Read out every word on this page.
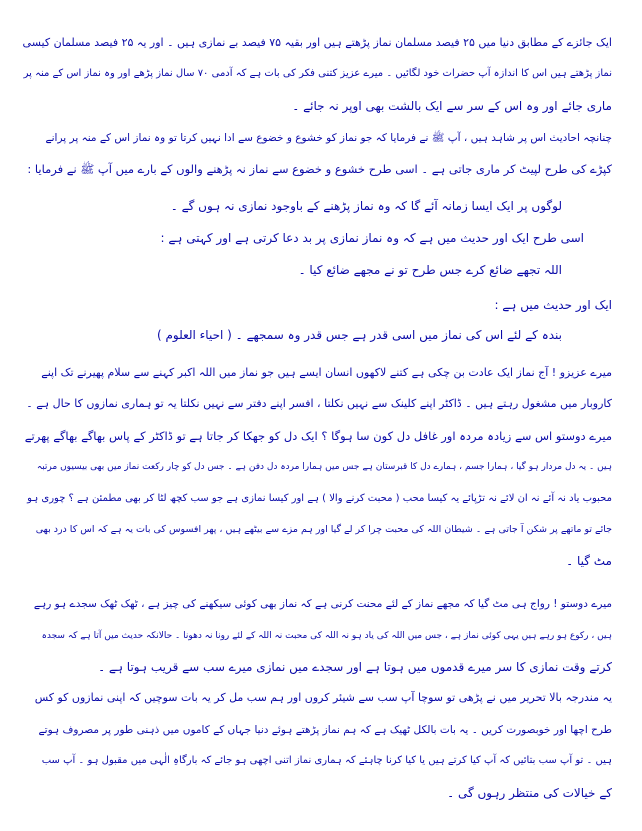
ایک جائزے کے مطابق دنیا میں ۲۵ فیصد مسلمان نماز پڑھتے ہیں اور بقیہ ۷۵ فیصد بے نمازی ہیں ۔ اور یہ ۲۵ فیصد مسلمان کیسی
نماز پڑھتے ہیں اس کا اندازہ آپ حضرات خود لگائیں ۔ میرے عزیز کتنی فکر کی بات ہے کہ آدمی ۷۰ سال نماز پڑھے اور وہ نماز اس کے منہ پر
ماری جائے اور وہ اس کے سر سے ایک بالشت بھی اوپر نہ جائے ۔
چنانچہ احادیث اس پر شاہد ہیں ، آپ ﷺ نے فرمایا کہ جو نماز کو خشوع و خضوع سے ادا نہیں کرتا تو وہ نماز اس کے منہ پر پرانے
کپڑے کی طرح لپیٹ کر ماری جاتی ہے ۔ اسی طرح خشوع و خضوع سے نماز نہ پڑھنے والوں کے بارے میں آپ ﷺ نے فرمایا :
لوگوں پر ایک ایسا زمانہ آئے گا کہ وہ نماز پڑھنے کے باوجود نمازی نہ ہوں گے ۔
اسی طرح ایک اور حدیث میں ہے کہ وہ نماز نمازی پر بد دعا کرتی ہے اور کہتی ہے :
اللہ تجھے ضائع کرے جس طرح تو نے مجھے ضائع کیا ۔
ایک اور حدیث میں ہے :
بندہ کے لئے اس کی نماز میں اسی قدر ہے جس قدر وہ سمجھے ۔ ( احیاء العلوم )
میرے عزیزو ! آج نماز ایک عادت بن چکی ہے کتنے لاکھوں انسان ایسے ہیں جو نماز میں اللہ اکبر کہنے سے سلام پھیرنے تک اپنے
کاروبار میں مشغول رہتے ہیں ۔ ڈاکٹر اپنے کلینک سے نہیں نکلتا ، افسر اپنے دفتر سے نہیں نکلتا یہ تو ہماری نمازوں کا حال ہے ۔
میرے دوستو اس سے زیادہ مردہ اور غافل دل کون سا ہوگا ؟ ایک دل کو جھکا کر جاتا ہے تو ڈاکٹر کے پاس بھاگے بھاگے پھرتے
ہیں ۔ یہ دل مردار ہو گیا ، ہمارا جسم ، ہمارے دل کا قبرستان ہے جس میں ہمارا مردہ دل دفن ہے ۔ جس دل کو چار رکعت نماز میں بھی بیسیوں مرتبہ
محبوب یاد نہ آئے نہ ان لائے نہ تڑپائے یہ کیسا محب ( محبت کرنے والا ) ہے اور کیسا نمازی ہے جو سب کچھ لٹا کر بھی مطمئن ہے ؟ چوری ہو
جائے تو ماتھے پر شکن آ جاتی ہے ۔ شیطان اللہ کی محبت چرا کر لے گیا اور ہم مزے سے بیٹھے ہیں ، پھر افسوس کی بات یہ ہے کہ اس کا درد بھی
مٹ گیا ۔
میرے دوستو ! رواج ہی مٹ گیا کہ مجھے نماز کے لئے محنت کرنی ہے کہ نماز بھی کوئی سیکھنے کی چیز ہے ، ٹھک ٹھک سجدے ہو رہے
ہیں ، رکوع ہو رہے ہیں یہی کوئی نماز ہے ، جس میں اللہ کی یاد ہو نہ اللہ کی محبت نہ اللہ کے لئے رونا نہ دھونا ۔ حالانکہ حدیث میں آتا ہے کہ سجدہ
کرتے وقت نمازی کا سر میرے قدموں میں ہوتا ہے اور سجدے میں نمازی میرے سب سے قریب ہوتا ہے ۔
یہ مندرجہ بالا تحریر میں نے پڑھی تو سوچا آپ سب سے شیئر کروں اور ہم سب مل کر یہ بات سوچیں کہ اپنی نمازوں کو کس
طرح اچھا اور خوبصورت کریں ۔ یہ بات بالکل ٹھیک ہے کہ ہم نماز پڑھتے ہوئے دنیا جہاں کے کاموں میں ذہنی طور پر مصروف ہوتے
ہیں ۔ تو آپ سب بتائیں کہ آپ کیا کرتے ہیں یا کیا کرنا چاہئے کہ ہماری نماز اتنی اچھی ہو جائے کہ بارگاہِ الٰہی میں مقبول ہو ۔ آپ سب
کے خیالات کی منتظر رہوں گی ۔
